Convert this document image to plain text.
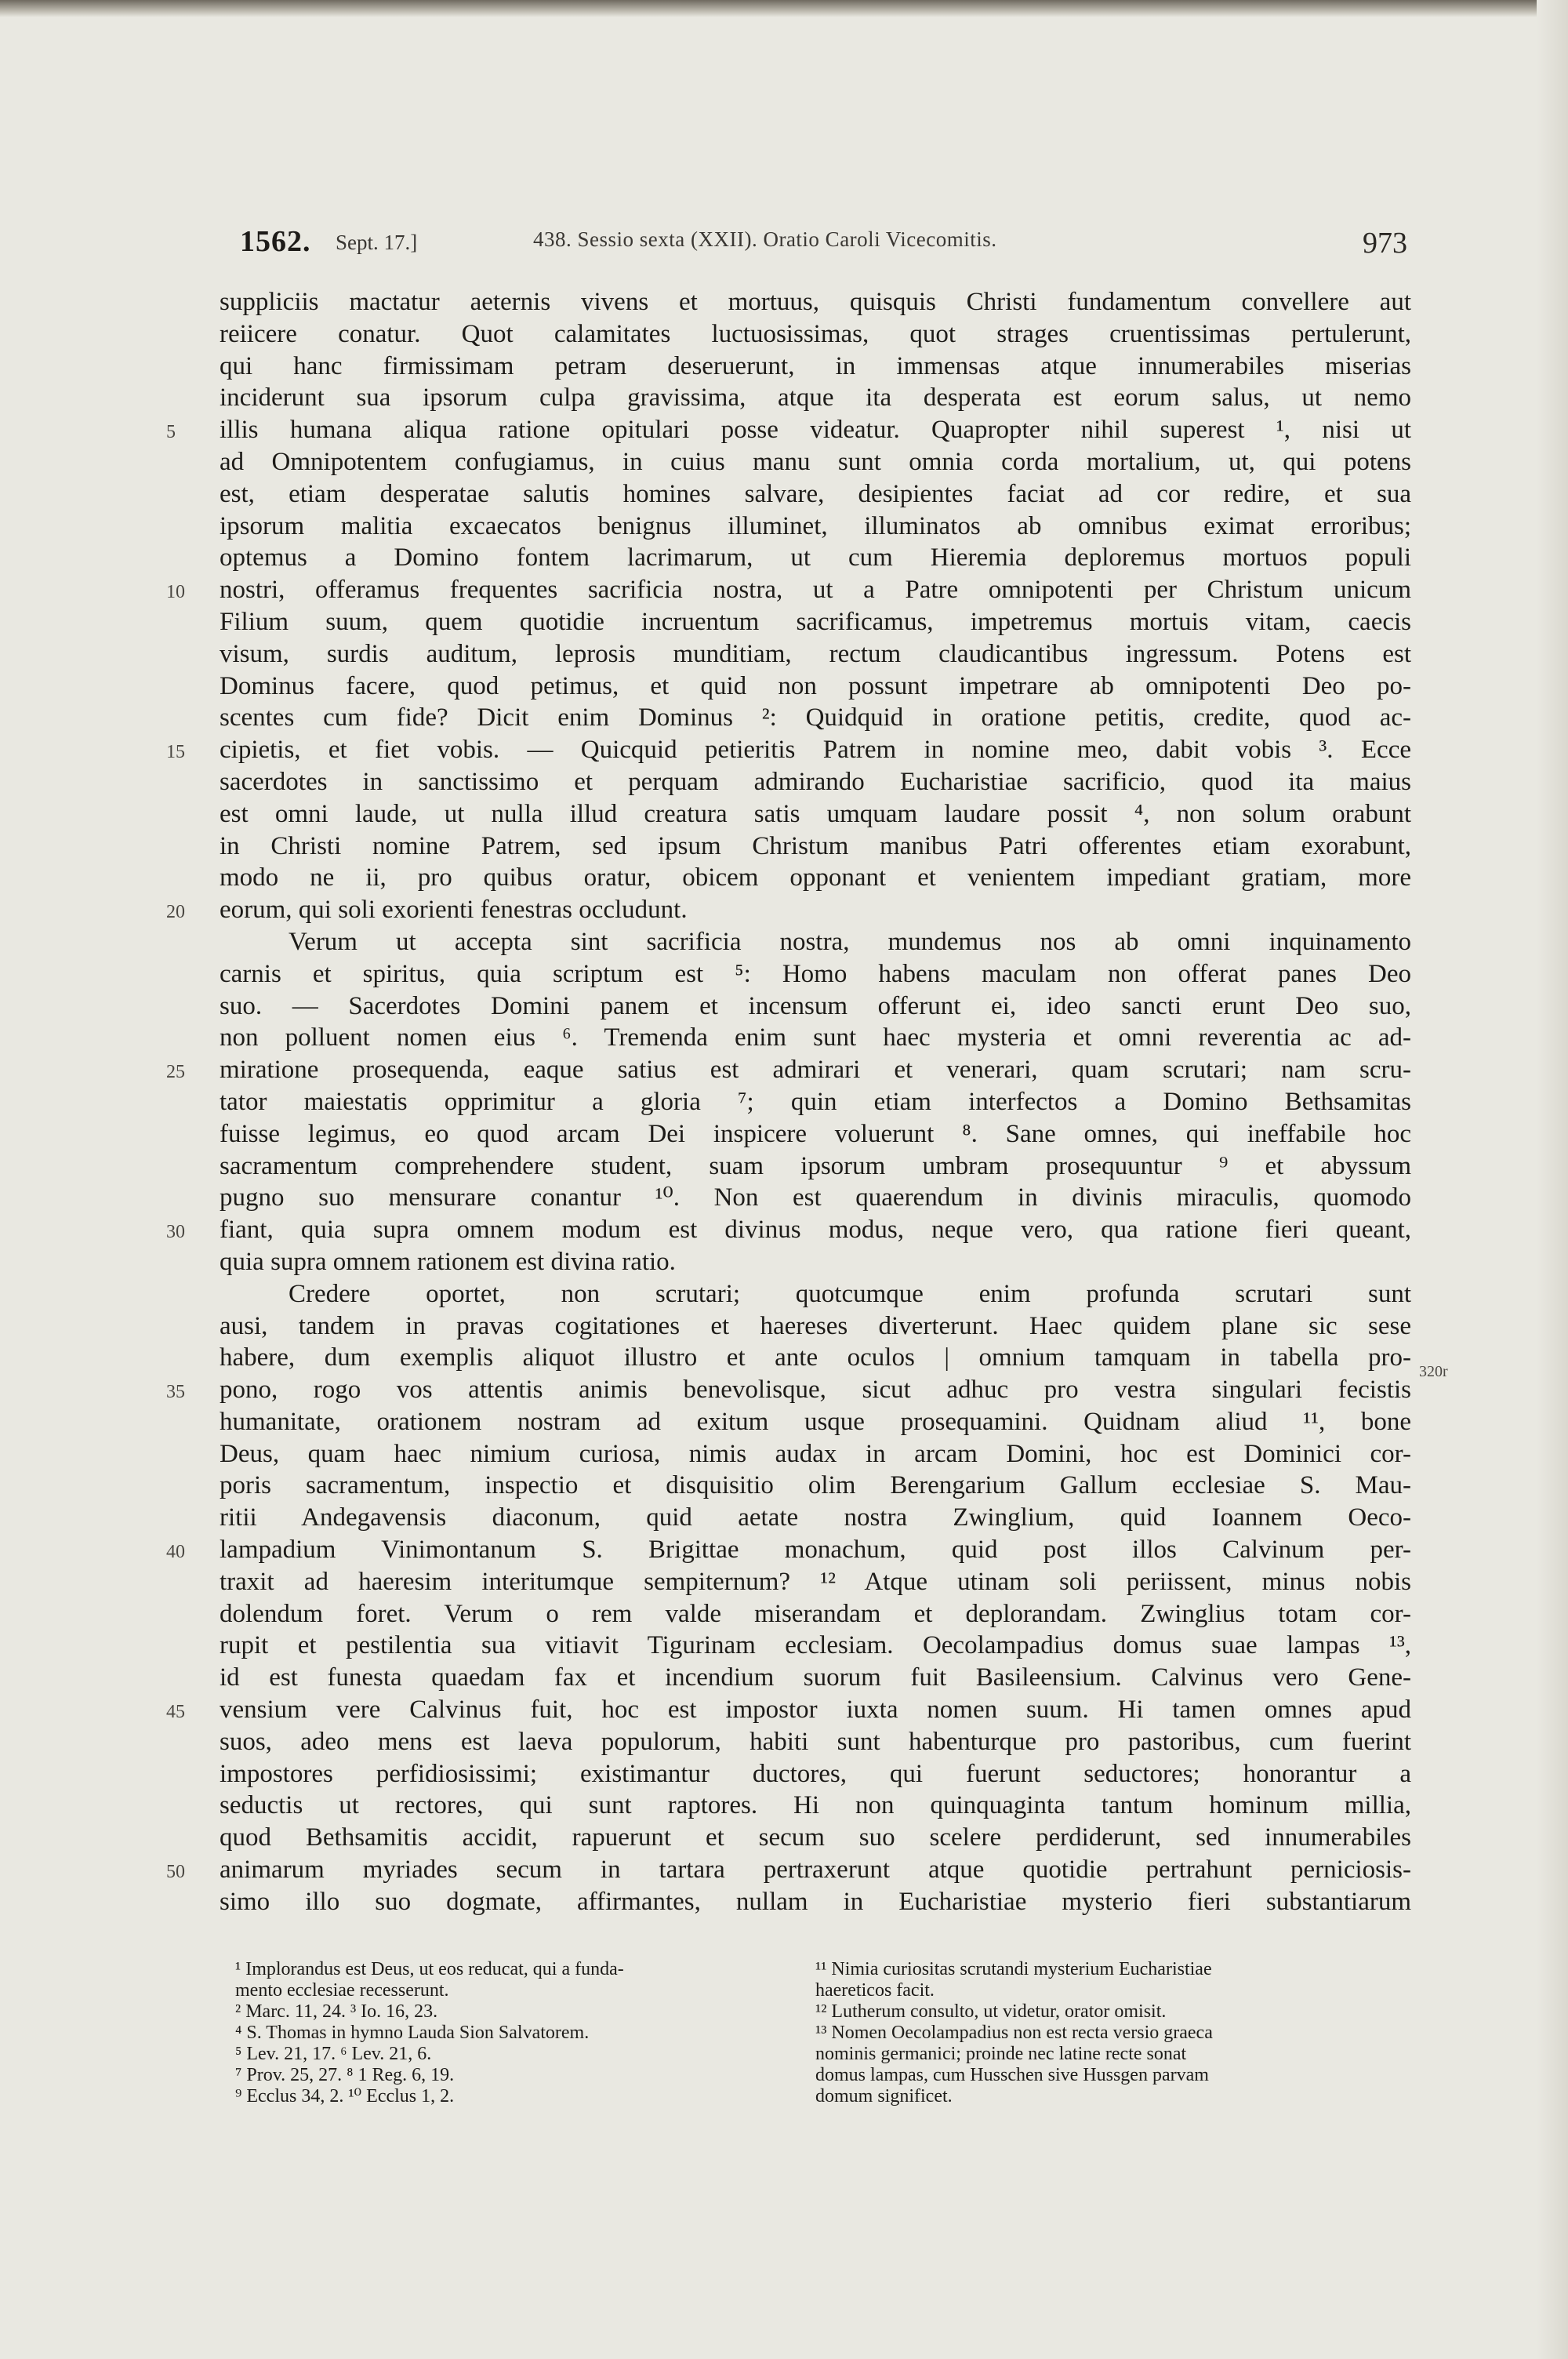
1562. Sept. 17.]	438. Sessio sexta (XXII). Oratio Caroli Vicecomitis.	973
suppliciis mactatur aeternis vivens et mortuus, quisquis Christi fundamentum convellere aut
reiicere conatur. Quot calamitates luctuosissimas, quot strages cruentissimas pertulerunt,
qui hanc firmissimam petram deseruerunt, in immensas atque innumerabiles miserias
inciderunt sua ipsorum culpa gravissima, atque ita desperata est eorum salus, ut nemo
illis humana aliqua ratione opitulari posse videatur. Quapropter nihil superest ¹, nisi ut
ad Omnipotentem confugiamus, in cuius manu sunt omnia corda mortalium, ut, qui potens
est, etiam desperatae salutis homines salvare, desipientes faciat ad cor redire, et sua
ipsorum malitia excaecatos benignus illuminet, illuminatos ab omnibus eximat erroribus;
optemus a Domino fontem lacrimarum, ut cum Hieremia deploremus mortuos populi
nostri, offeramus frequentes sacrificia nostra, ut a Patre omnipotenti per Christum unicum
Filium suum, quem quotidie incruentum sacrificamus, impetremus mortuis vitam, caecis
visum, surdis auditum, leprosis munditiam, rectum claudicantibus ingressum. Potens est
Dominus facere, quod petimus, et quid non possunt impetrare ab omnipotenti Deo po-
scentes cum fide? Dicit enim Dominus ²: Quidquid in oratione petitis, credite, quod ac-
cipietis, et fiet vobis. — Quicquid petieritis Patrem in nomine meo, dabit vobis ³. Ecce
sacerdotes in sanctissimo et perquam admirando Eucharistiae sacrificio, quod ita maius
est omni laude, ut nulla illud creatura satis umquam laudare possit ⁴, non solum orabunt
in Christi nomine Patrem, sed ipsum Christum manibus Patri offerentes etiam exorabunt,
modo ne ii, pro quibus oratur, obicem opponant et venientem impediant gratiam, more
eorum, qui soli exorienti fenestras occludunt.
Verum ut accepta sint sacrificia nostra, mundemus nos ab omni inquinamento
carnis et spiritus, quia scriptum est ⁵: Homo habens maculam non offerat panes Deo
suo. — Sacerdotes Domini panem et incensum offerunt ei, ideo sancti erunt Deo suo,
non polluent nomen eius ⁶. Tremenda enim sunt haec mysteria et omni reverentia ac ad-
miratione prosequenda, eaque satius est admirari et venerari, quam scrutari; nam scru-
tator maiestatis opprimitur a gloria ⁷; quin etiam interfectos a Domino Bethsamitas
fuisse legimus, eo quod arcam Dei inspicere voluerunt ⁸. Sane omnes, qui ineffabile hoc
sacramentum comprehendere student, suam ipsorum umbram prosequuntur ⁹ et abyssum
pugno suo mensurare conantur ¹⁰. Non est quaerendum in divinis miraculis, quomodo
fiant, quia supra omnem modum est divinus modus, neque vero, qua ratione fieri queant,
quia supra omnem rationem est divina ratio.
Credere oportet, non scrutari; quotcumque enim profunda scrutari sunt
ausi, tandem in pravas cogitationes et haereses diverterunt. Haec quidem plane sic sese
habere, dum exemplis aliquot illustro et ante oculos | omnium tamquam in tabella pro-
pono, rogo vos attentis animis benevolisque, sicut adhuc pro vestra singulari fecistis
humanitate, orationem nostram ad exitum usque prosequamini. Quidnam aliud ¹¹, bone
Deus, quam haec nimium curiosa, nimis audax in arcam Domini, hoc est Dominici cor-
poris sacramentum, inspectio et disquisitio olim Berengarium Gallum ecclesiae S. Mau-
ritii Andegavensis diaconum, quid aetate nostra Zwinglium, quid Ioannem Oeco-
lampadium Vinimontanum S. Brigittae monachum, quid post illos Calvinum per-
traxit ad haeresim interitumque sempiternum? ¹² Atque utinam soli periissent, minus nobis
dolendum foret. Verum o rem valde miserandam et deplorandam. Zwinglius totam cor-
rupit et pestilentia sua vitiavit Tigurinam ecclesiam. Oecolampadius domus suae lampas ¹³,
id est funesta quaedam fax et incendium suorum fuit Basileensium. Calvinus vero Gene-
vensium vere Calvinus fuit, hoc est impostor iuxta nomen suum. Hi tamen omnes apud
suos, adeo mens est laeva populorum, habiti sunt habenturque pro pastoribus, cum fuerint
impostores perfidiosissimi; existimantur ductores, qui fuerunt seductores; honorantur a
seductis ut rectores, qui sunt raptores. Hi non quinquaginta tantum hominum millia,
quod Bethsamitis accidit, rapuerunt et secum suo scelere perdiderunt, sed innumerabiles
animarum myriades secum in tartara pertraxerunt atque quotidie pertrahunt perniciosis-
simo illo suo dogmate, affirmantes, nullam in Eucharistiae mysterio fieri substantiarum
5
10
15
20
25
30
35
40
45
50
320r
¹ Implorandus est Deus, ut eos reducat, qui a funda-
mento ecclesiae recesserunt.
² Marc. 11, 24. ³ Io. 16, 23.
⁴ S. Thomas in hymno Lauda Sion Salvatorem.
⁵ Lev. 21, 17. ⁶ Lev. 21, 6.
⁷ Prov. 25, 27. ⁸ 1 Reg. 6, 19.
⁹ Ecclus 34, 2. ¹⁰ Ecclus 1, 2.
¹¹ Nimia curiositas scrutandi mysterium Eucharistiae
haereticos facit.
¹² Lutherum consulto, ut videtur, orator omisit.
¹³ Nomen Oecolampadius non est recta versio graeca
nominis germanici; proinde nec latine recte sonat
domus lampas, cum Husschen sive Hussgen parvam
domum significet.
